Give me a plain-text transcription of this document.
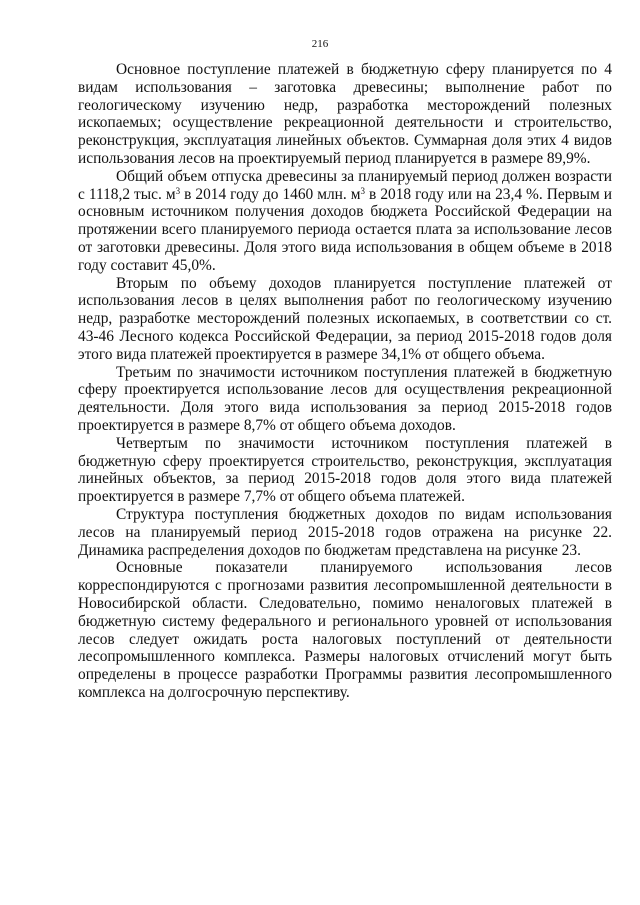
216

Основное поступление платежей в бюджетную сферу планируется по 4 видам использования – заготовка древесины; выполнение работ по геологическому изучению недр, разработка месторождений полезных ископаемых; осуществление рекреационной деятельности и строительство, реконструкция, эксплуатация линейных объектов. Суммарная доля этих 4 видов использования лесов на проектируемый период планируется в размере 89,9%.

Общий объем отпуска древесины за планируемый период должен возрасти с 1118,2 тыс. $м^3$ в 2014 году до 1460 млн. $м^3$ в 2018 году или на 23,4 %. Первым и основным источником получения доходов бюджета Российской Федерации на протяжении всего планируемого периода остается плата за использование лесов от заготовки древесины. Доля этого вида использования в общем объеме в 2018 году составит 45,0%.

Вторым по объему доходов планируется поступление платежей от использования лесов в целях выполнения работ по геологическому изучению недр, разработке месторождений полезных ископаемых, в соответствии со ст. 43-46 Лесного кодекса Российской Федерации, за период 2015-2018 годов доля этого вида платежей проектируется в размере 34,1% от общего объема.

Третьим по значимости источником поступления платежей в бюджетную сферу проектируется использование лесов для осуществления рекреационной деятельности. Доля этого вида использования за период 2015-2018 годов проектируется в размере 8,7% от общего объема доходов.

Четвертым по значимости источником поступления платежей в бюджетную сферу проектируется строительство, реконструкция, эксплуатация линейных объектов, за период 2015-2018 годов доля этого вида платежей проектируется в размере 7,7% от общего объема платежей.

Структура поступления бюджетных доходов по видам использования лесов на планируемый период 2015-2018 годов отражена на рисунке 22. Динамика распределения доходов по бюджетам представлена на рисунке 23.

Основные показатели планируемого использования лесов корреспондируются с прогнозами развития лесопромышленной деятельности в Новосибирской области. Следовательно, помимо неналоговых платежей в бюджетную систему федерального и регионального уровней от использования лесов следует ожидать роста налоговых поступлений от деятельности лесопромышленного комплекса. Размеры налоговых отчислений могут быть определены в процессе разработки Программы развития лесопромышленного комплекса на долгосрочную перспективу.
